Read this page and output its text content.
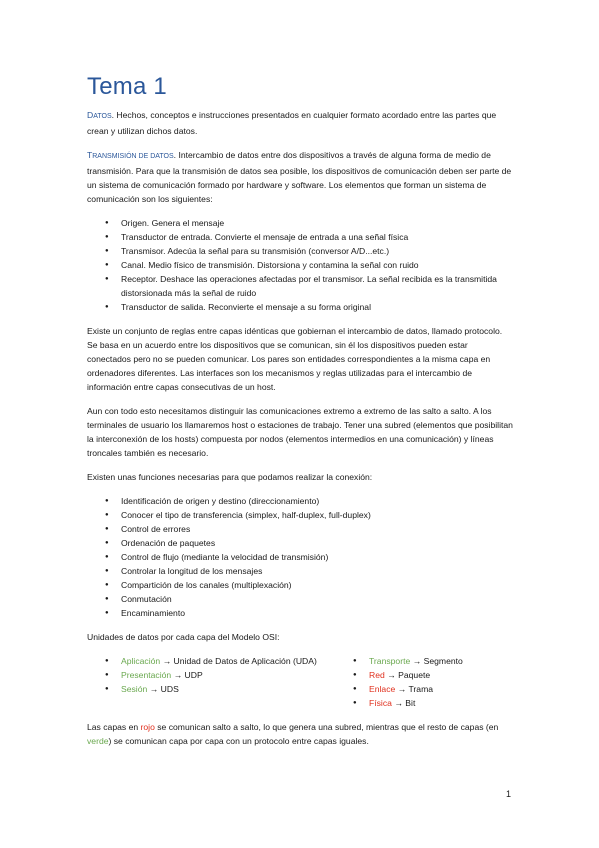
Tema 1

DATOS. Hechos, conceptos e instrucciones presentados en cualquier formato acordado entre las partes que crean y utilizan dichos datos.

TRANSMISIÓN DE DATOS. Intercambio de datos entre dos dispositivos a través de alguna forma de medio de transmisión. Para que la transmisión de datos sea posible, los dispositivos de comunicación deben ser parte de un sistema de comunicación formado por hardware y software. Los elementos que forman un sistema de comunicación son los siguientes:

● Origen. Genera el mensaje
● Transductor de entrada. Convierte el mensaje de entrada a una señal física
● Transmisor. Adecúa la señal para su transmisión (conversor A/D...etc.)
● Canal. Medio físico de transmisión. Distorsiona y contamina la señal con ruido
● Receptor. Deshace las operaciones afectadas por el transmisor. La señal recibida es la transmitida distorsionada más la señal de ruido
● Transductor de salida. Reconvierte el mensaje a su forma original

Existe un conjunto de reglas entre capas idénticas que gobiernan el intercambio de datos, llamado protocolo. Se basa en un acuerdo entre los dispositivos que se comunican, sin él los dispositivos pueden estar conectados pero no se pueden comunicar. Los pares son entidades correspondientes a la misma capa en ordenadores diferentes. Las interfaces son los mecanismos y reglas utilizadas para el intercambio de información entre capas consecutivas de un host.

Aun con todo esto necesitamos distinguir las comunicaciones extremo a extremo de las salto a salto. A los terminales de usuario los llamaremos host o estaciones de trabajo. Tener una subred (elementos que posibilitan la interconexión de los hosts) compuesta por nodos (elementos intermedios en una comunicación) y líneas troncales también es necesario.

Existen unas funciones necesarias para que podamos realizar la conexión:

● Identificación de origen y destino (direccionamiento)
● Conocer el tipo de transferencia (simplex, half-duplex, full-duplex)
● Control de errores
● Ordenación de paquetes
● Control de flujo (mediante la velocidad de transmisión)
● Controlar la longitud de los mensajes
● Compartición de los canales (multiplexación)
● Conmutación
● Encaminamiento

Unidades de datos por cada capa del Modelo OSI:

● Aplicación → Unidad de Datos de Aplicación (UDA)
● Presentación → UDP
● Sesión → UDS
● Transporte → Segmento
● Red → Paquete
● Enlace → Trama
● Física → Bit

Las capas en rojo se comunican salto a salto, lo que genera una subred, mientras que el resto de capas (en verde) se comunican capa por capa con un protocolo entre capas iguales.

1
